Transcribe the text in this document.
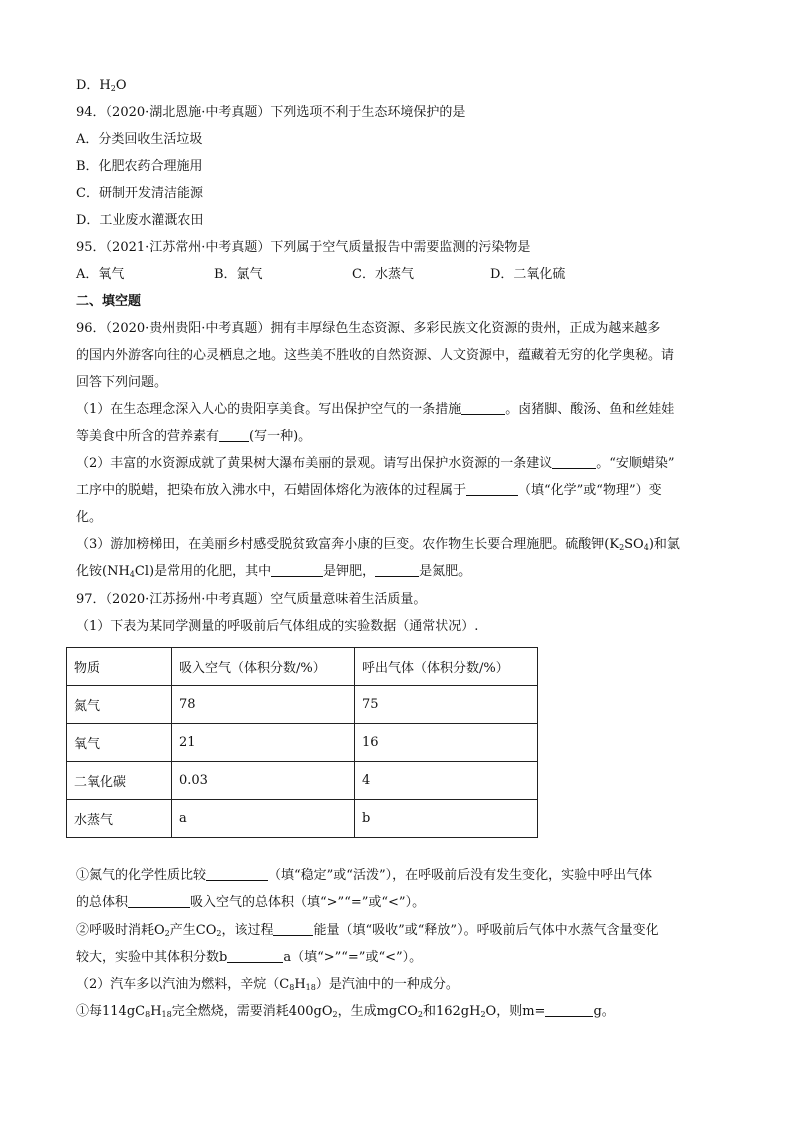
D．$H_2O$
94．（2020·湖北恩施·中考真题）下列选项不利于生态环境保护的是
A．分类回收生活垃圾
B．化肥农药合理施用
C．研制开发清洁能源
D．工业废水灌溉农田
95．（2021·江苏常州·中考真题）下列属于空气质量报告中需要监测的污染物是
A．氧气	B．氯气	C．水蒸气	D．二氧化硫
二、填空题
96．（2020·贵州贵阳·中考真题）拥有丰厚绿色生态资源、多彩民族文化资源的贵州，正成为越来越多
的国内外游客向往的心灵栖息之地。这些美不胜收的自然资源、人文资源中，蕴藏着无穷的化学奥秘。请
回答下列问题。
（1）在生态理念深入人心的贵阳享美食。写出保护空气的一条措施	。卤猪脚、酸汤、鱼和丝娃娃
等美食中所含的营养素有 (写一种)。
（2）丰富的水资源成就了黄果树大瀑布美丽的景观。请写出保护水资源的一条建议	。“安顺蜡染”
工序中的脱蜡，把染布放入沸水中，石蜡固体熔化为液体的过程属于	（填“化学”或“物理”）变
化。
（3）游加榜梯田，在美丽乡村感受脱贫致富奔小康的巨变。农作物生长要合理施肥。硫酸钾$(K_2SO_4)$和氯
化铵$(NH_4Cl)$是常用的化肥，其中	是钾肥，	是氮肥。
97．（2020·江苏扬州·中考真题）空气质量意味着生活质量。
（1）下表为某同学测量的呼吸前后气体组成的实验数据（通常状况）.
物质	吸入空气（体积分数/%）	呼出气体（体积分数/%）
氮气	78	75
氧气	21	16
二氧化碳	0.03	4
水蒸气	a	b
①氮气的化学性质比较	（填“稳定”或“活泼”），在呼吸前后没有发生变化，实验中呼出气体
的总体积	吸入空气的总体积（填“>”“=”或“<”）。
②呼吸时消耗$O_2$产生$CO_2$，该过程	能量（填“吸收”或“释放”）。呼吸前后气体中水蒸气含量变化
较大，实验中其体积分数b	a（填“>”“=”或“<”）。
（2）汽车多以汽油为燃料，辛烷$(C_8H_{18})$是汽油中的一种成分。
①每$114gC_8H_{18}$完全燃烧，需要消耗$400gO_2$，生成mgCO$_2$和$162gH_2O$，则m=	g。
